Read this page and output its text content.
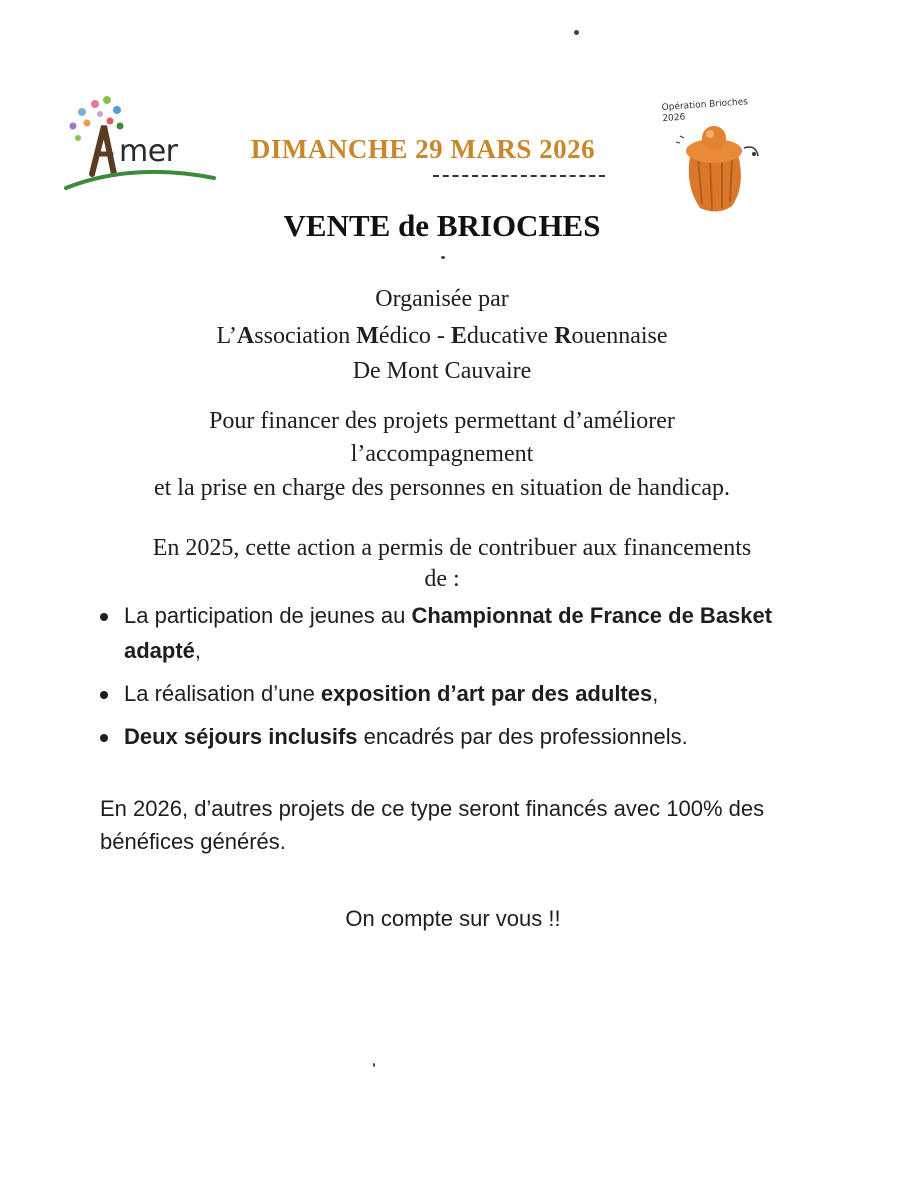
mer	DIMANCHE 29 MARS 2026
Opération Brioches 2026
VENTE de BRIOCHES
Organisée par
L’Association Médico - Educative Rouennaise
De Mont Cauvaire
Pour financer des projets permettant d’améliorer
l’accompagnement
et la prise en charge des personnes en situation de handicap.
En 2025, cette action a permis de contribuer aux financements
de :
La participation de jeunes au Championnat de France de Basket adapté,
La réalisation d’une exposition d’art par des adultes,
Deux séjours inclusifs encadrés par des professionnels.
En 2026, d’autres projets de ce type seront financés avec 100% des bénéfices générés.
On compte sur vous !!
